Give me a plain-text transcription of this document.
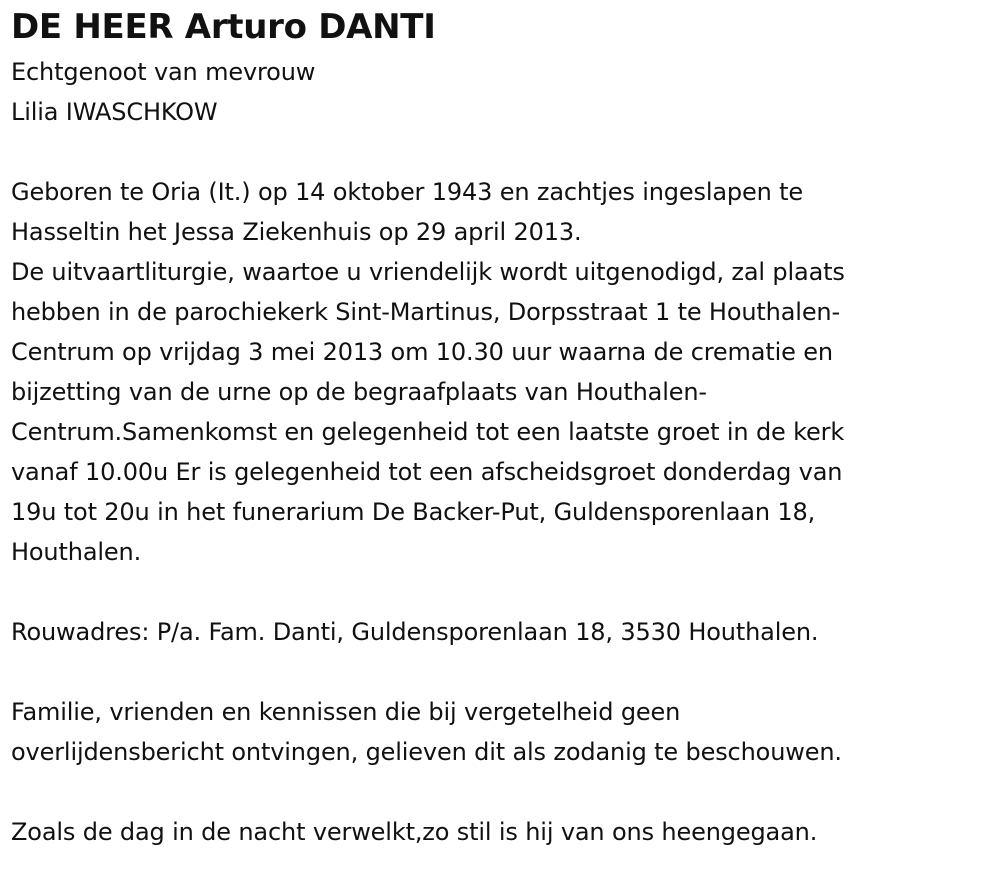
DE HEER Arturo DANTI
Echtgenoot van mevrouw
Lilia IWASCHKOW
Geboren te Oria (It.) op 14 oktober 1943 en zachtjes ingeslapen te
Hasseltin het Jessa Ziekenhuis op 29 april 2013.
De uitvaartliturgie, waartoe u vriendelijk wordt uitgenodigd, zal plaats
hebben in de parochiekerk Sint-Martinus, Dorpsstraat 1 te Houthalen-
Centrum op vrijdag 3 mei 2013 om 10.30 uur waarna de crematie en
bijzetting van de urne op de begraafplaats van Houthalen-
Centrum.Samenkomst en gelegenheid tot een laatste groet in de kerk
vanaf 10.00u Er is gelegenheid tot een afscheidsgroet donderdag van
19u tot 20u in het funerarium De Backer-Put, Guldensporenlaan 18,
Houthalen.
Rouwadres: P/a. Fam. Danti, Guldensporenlaan 18, 3530 Houthalen.
Familie, vrienden en kennissen die bij vergetelheid geen
overlijdensbericht ontvingen, gelieven dit als zodanig te beschouwen.
Zoals de dag in de nacht verwelkt,zo stil is hij van ons heengegaan.
